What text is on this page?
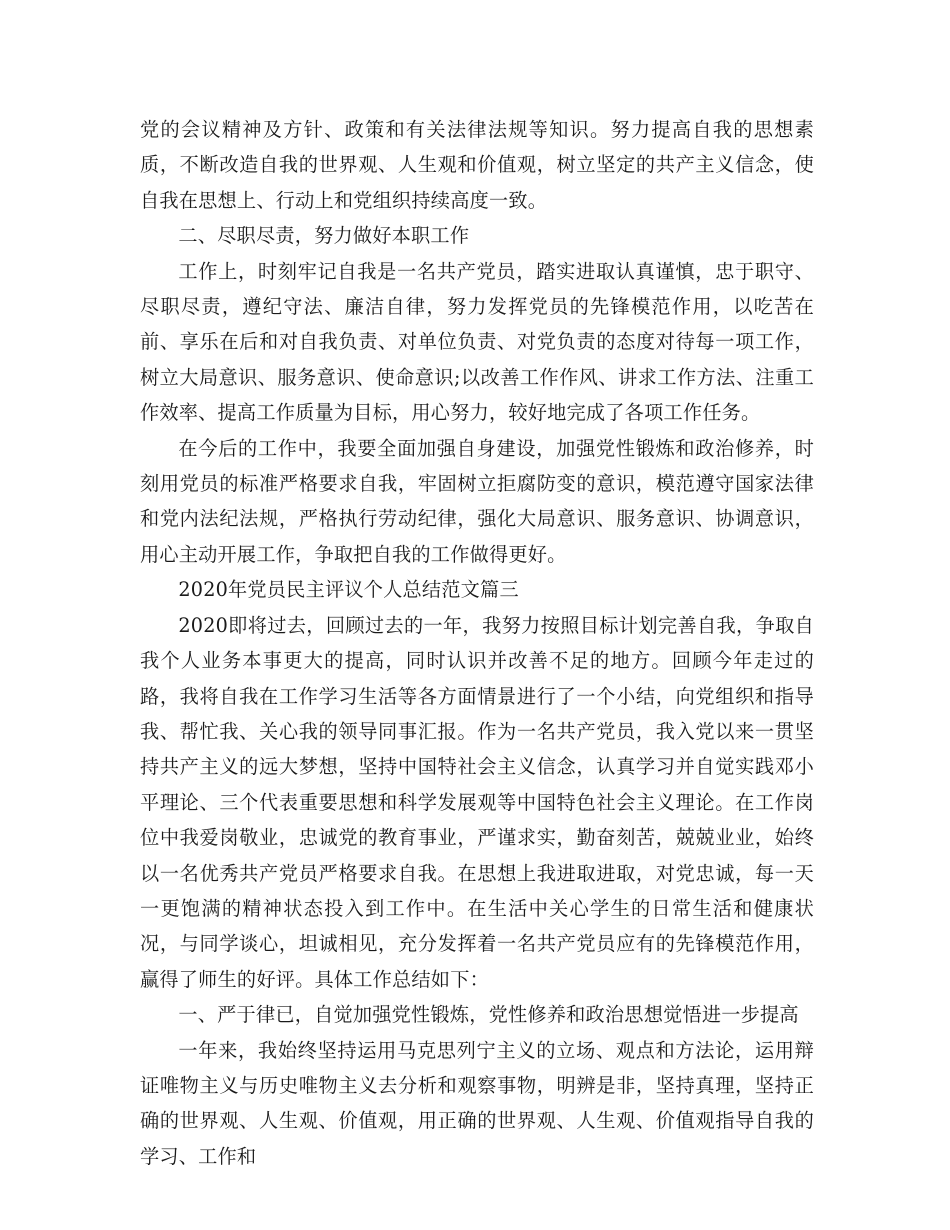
党的会议精神及方针、政策和有关法律法规等知识。努力提高自我的思想素质，不断改造自我的世界观、人生观和价值观，树立坚定的共产主义信念，使自我在思想上、行动上和党组织持续高度一致。

二、尽职尽责，努力做好本职工作

工作上，时刻牢记自我是一名共产党员，踏实进取认真谨慎，忠于职守、尽职尽责，遵纪守法、廉洁自律，努力发挥党员的先锋模范作用，以吃苦在前、享乐在后和对自我负责、对单位负责、对党负责的态度对待每一项工作，树立大局意识、服务意识、使命意识;以改善工作作风、讲求工作方法、注重工作效率、提高工作质量为目标，用心努力，较好地完成了各项工作任务。

在今后的工作中，我要全面加强自身建设，加强党性锻炼和政治修养，时刻用党员的标准严格要求自我，牢固树立拒腐防变的意识，模范遵守国家法律和党内法纪法规，严格执行劳动纪律，强化大局意识、服务意识、协调意识，用心主动开展工作，争取把自我的工作做得更好。

2020年党员民主评议个人总结范文篇三

2020即将过去，回顾过去的一年，我努力按照目标计划完善自我，争取自我个人业务本事更大的提高，同时认识并改善不足的地方。回顾今年走过的路，我将自我在工作学习生活等各方面情景进行了一个小结，向党组织和指导我、帮忙我、关心我的领导同事汇报。作为一名共产党员，我入党以来一贯坚持共产主义的远大梦想，坚持中国特社会主义信念，认真学习并自觉实践邓小平理论、三个代表重要思想和科学发展观等中国特色社会主义理论。在工作岗位中我爱岗敬业，忠诚党的教育事业，严谨求实，勤奋刻苦，兢兢业业，始终以一名优秀共产党员严格要求自我。在思想上我进取进取，对党忠诚，每一天一更饱满的精神状态投入到工作中。在生活中关心学生的日常生活和健康状况，与同学谈心，坦诚相见，充分发挥着一名共产党员应有的先锋模范作用，赢得了师生的好评。具体工作总结如下：

一、严于律已，自觉加强党性锻炼，党性修养和政治思想觉悟进一步提高

一年来，我始终坚持运用马克思列宁主义的立场、观点和方法论，运用辩证唯物主义与历史唯物主义去分析和观察事物，明辨是非，坚持真理，坚持正确的世界观、人生观、价值观，用正确的世界观、人生观、价值观指导自我的学习、工作和
